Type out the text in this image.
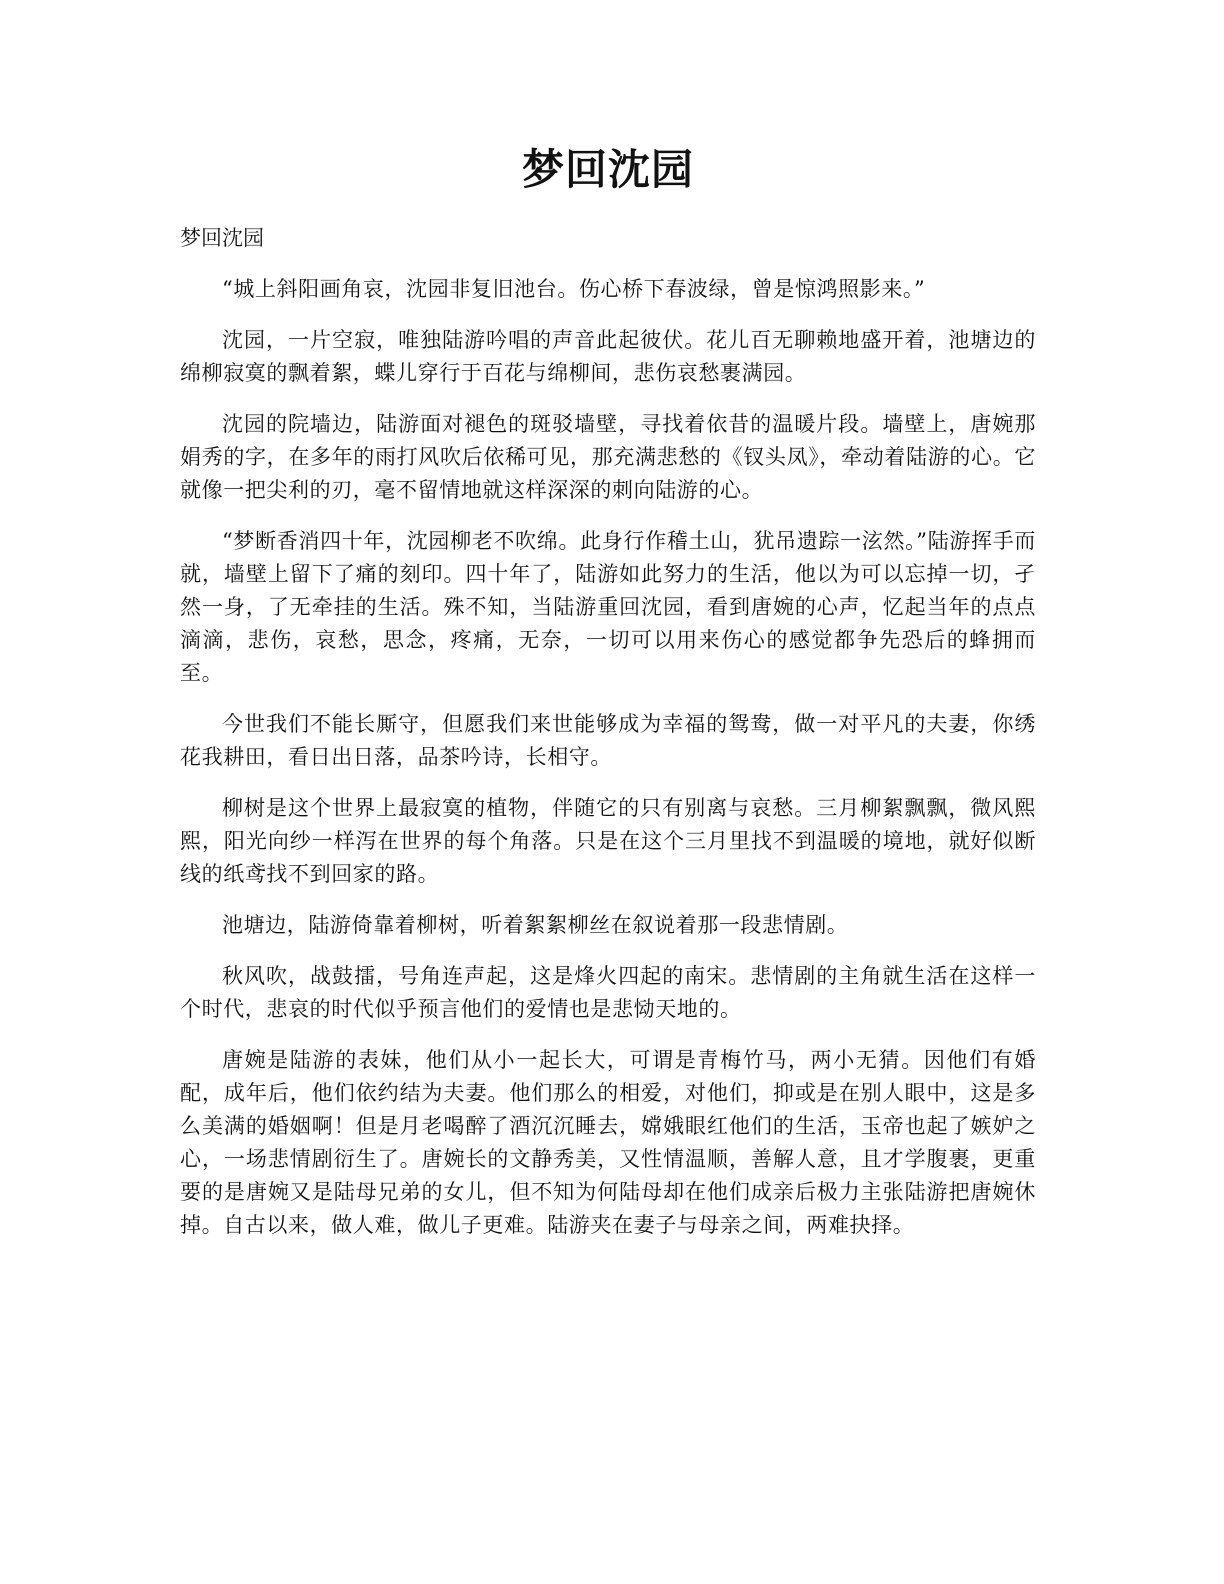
梦回沈园

梦回沈园

“城上斜阳画角哀，沈园非复旧池台。伤心桥下春波绿，曾是惊鸿照影来。”

沈园，一片空寂，唯独陆游吟唱的声音此起彼伏。花儿百无聊赖地盛开着，池塘边的绵柳寂寞的飘着絮，蝶儿穿行于百花与绵柳间，悲伤哀愁裹满园。

沈园的院墙边，陆游面对褪色的斑驳墙壁，寻找着依昔的温暖片段。墙壁上，唐婉那娟秀的字，在多年的雨打风吹后依稀可见，那充满悲愁的《钗头凤》，牵动着陆游的心。它就像一把尖利的刃，毫不留情地就这样深深的刺向陆游的心。

“梦断香消四十年，沈园柳老不吹绵。此身行作稽土山，犹吊遗踪一泫然。”陆游挥手而就，墙壁上留下了痛的刻印。四十年了，陆游如此努力的生活，他以为可以忘掉一切，孑然一身，了无牵挂的生活。殊不知，当陆游重回沈园，看到唐婉的心声，忆起当年的点点滴滴，悲伤，哀愁，思念，疼痛，无奈，一切可以用来伤心的感觉都争先恐后的蜂拥而至。

今世我们不能长厮守，但愿我们来世能够成为幸福的鸳鸯，做一对平凡的夫妻，你绣花我耕田，看日出日落，品茶吟诗，长相守。

柳树是这个世界上最寂寞的植物，伴随它的只有别离与哀愁。三月柳絮飘飘，微风熙熙，阳光向纱一样泻在世界的每个角落。只是在这个三月里找不到温暖的境地，就好似断线的纸鸢找不到回家的路。

池塘边，陆游倚靠着柳树，听着絮絮柳丝在叙说着那一段悲情剧。

秋风吹，战鼓擂，号角连声起，这是烽火四起的南宋。悲情剧的主角就生活在这样一个时代，悲哀的时代似乎预言他们的爱情也是悲恸天地的。

唐婉是陆游的表妹，他们从小一起长大，可谓是青梅竹马，两小无猜。因他们有婚配，成年后，他们依约结为夫妻。他们那么的相爱，对他们，抑或是在别人眼中，这是多么美满的婚姻啊！但是月老喝醉了酒沉沉睡去，嫦娥眼红他们的生活，玉帝也起了嫉妒之心，一场悲情剧衍生了。唐婉长的文静秀美，又性情温顺，善解人意，且才学腹裹，更重要的是唐婉又是陆母兄弟的女儿，但不知为何陆母却在他们成亲后极力主张陆游把唐婉休掉。自古以来，做人难，做儿子更难。陆游夹在妻子与母亲之间，两难抉择。
